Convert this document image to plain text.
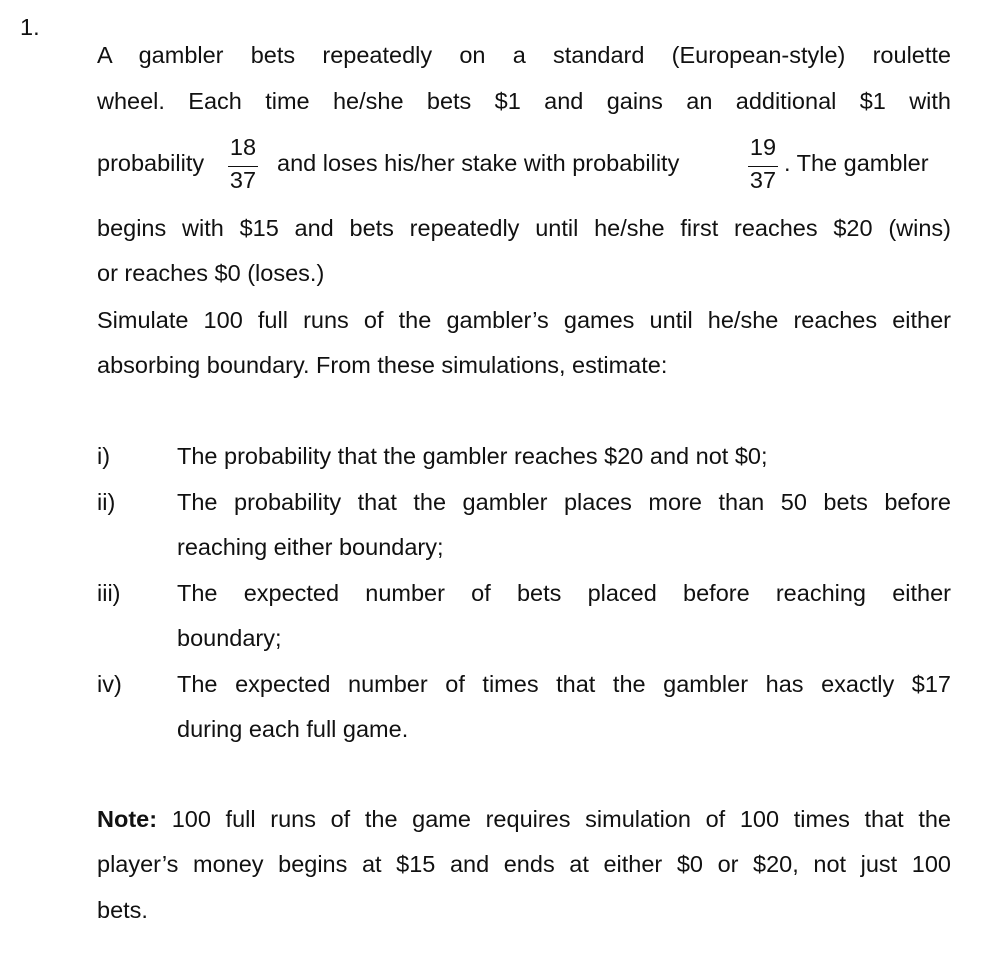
1.
A gambler bets repeatedly on a standard (European-style) roulette
wheel. Each time he/she bets $1 and gains an additional $1 with
probability
18
37
and loses his/her stake with probability
19
37
. The gambler
begins with $15 and bets repeatedly until he/she first reaches $20 (wins)
or reaches $0 (loses.)
Simulate 100 full runs of the gambler’s games until he/she reaches either
absorbing boundary. From these simulations, estimate:
i)	The probability that the gambler reaches $20 and not $0;
ii)	The probability that the gambler places more than 50 bets before
reaching either boundary;
iii)	The expected number of bets placed before reaching either
boundary;
iv)	The expected number of times that the gambler has exactly $17
during each full game.
Note: 100 full runs of the game requires simulation of 100 times that the
player’s money begins at $15 and ends at either $0 or $20, not just 100
bets.
